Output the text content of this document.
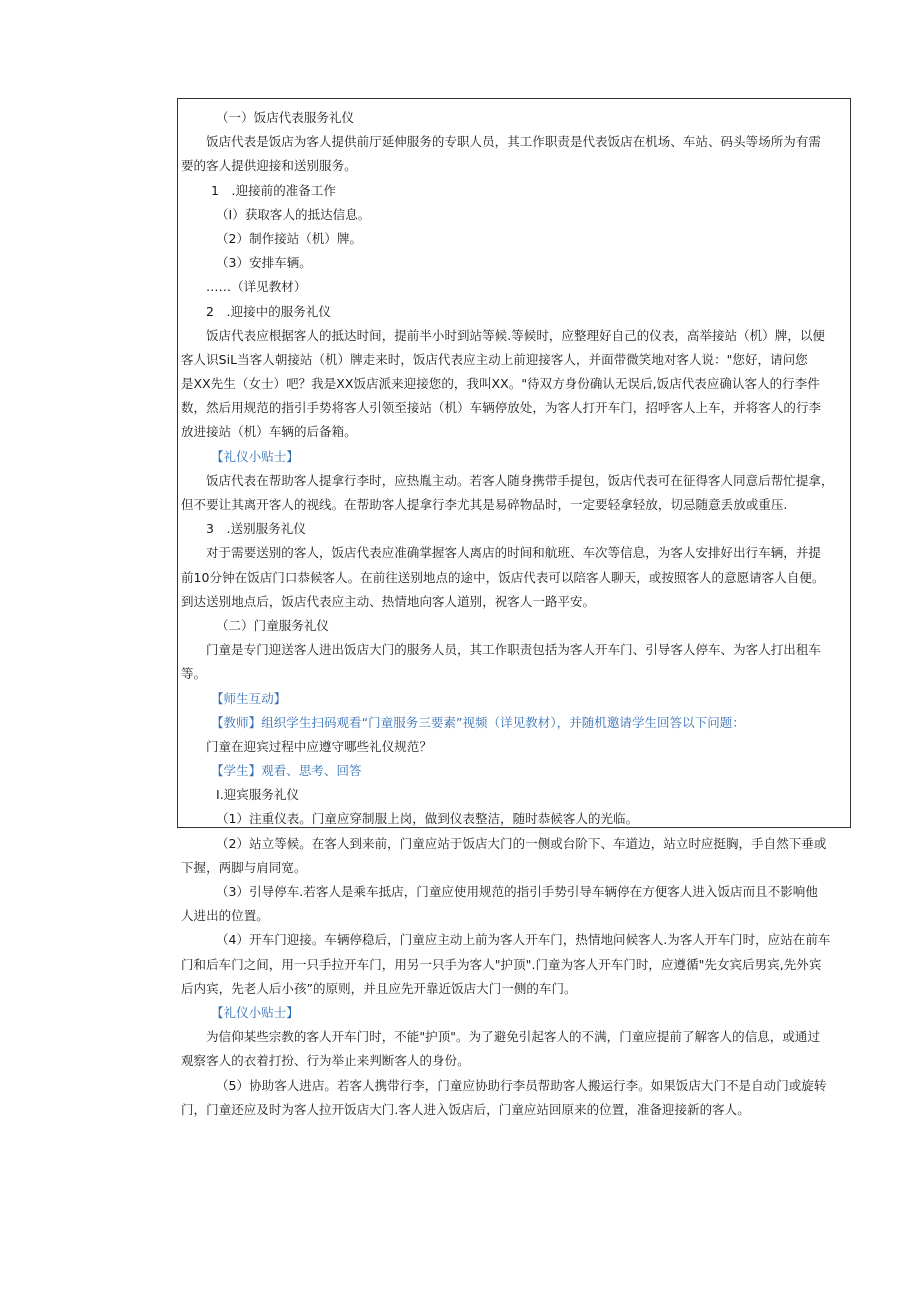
（一）饭店代表服务礼仪
饭店代表是饭店为客人提供前厅延伸服务的专职人员，其工作职责是代表饭店在机场、车站、码头等场所为有需
要的客人提供迎接和送别服务。
1　.迎接前的准备工作
（I）获取客人的抵达信息。
（2）制作接站（机）牌。
（3）安排车辆。
……（详见教材）
2　.迎接中的服务礼仪
饭店代表应根据客人的抵达时间，提前半小时到站等候.等候时，应整理好自己的仪表，高举接站（机）牌，以便
客人识SiL当客人朝接站（机）牌走来时，饭店代表应主动上前迎接客人，并面带微笑地对客人说："您好，请问您
是XX先生（女士）吧？我是XX饭店派来迎接您的，我叫XX。"待双方身份确认无误后,饭店代表应确认客人的行李件
数，然后用规范的指引手势将客人引领至接站（机）车辆停放处，为客人打开车门，招呼客人上车，并将客人的行李
放进接站（机）车辆的后备箱。
【礼仪小贴士】
饭店代表在帮助客人提拿行李时，应热胤主动。若客人随身携带手提包，饭店代表可在征得客人同意后帮忙提拿，
但不要让其离开客人的视线。在帮助客人提拿行李尤其是易碎物品时，一定要轻拿轻放，切忌随意丢放或重压.
3　.送别服务礼仪
对于需要送别的客人，饭店代表应准确掌握客人离店的时间和航班、车次等信息，为客人安排好出行车辆，并提
前10分钟在饭店门口恭候客人。在前往送别地点的途中，饭店代表可以陪客人聊天，或按照客人的意愿请客人自便。
到达送别地点后，饭店代表应主动、热情地向客人道别，祝客人一路平安。
（二）门童服务礼仪
门童是专门迎送客人进出饭店大门的服务人员，其工作职责包括为客人开车门、引导客人停车、为客人打出租车
等。
【师生互动】
【教师】组织学生扫码观看“门童服务三要素”视频（详见教材），并随机邀请学生回答以下问题：
门童在迎宾过程中应遵守哪些礼仪规范？
【学生】观看、思考、回答
I.迎宾服务礼仪
（1）注重仪表。门童应穿制服上岗，做到仪表整洁，随时恭候客人的光临。
（2）站立等候。在客人到来前，门童应站于饭店大门的一侧或台阶下、车道边，站立时应挺胸，手自然下垂或
下握，两脚与肩同宽。
（3）引导停车.若客人是乘车抵店，门童应使用规范的指引手势引导车辆停在方便客人进入饭店而且不影响他
人进出的位置。
（4）开车门迎接。车辆停稳后，门童应主动上前为客人开车门，热情地问候客人.为客人开车门时，应站在前车
门和后车门之间，用一只手拉开车门，用另一只手为客人"护顶".门童为客人开车门时，应遵循"先女宾后男宾,先外宾
后内宾，先老人后小孩”的原则，并且应先开靠近饭店大门一侧的车门。
【礼仪小贴士】
为信仰某些宗教的客人开车门时，不能"护顶"。为了避免引起客人的不满，门童应提前了解客人的信息，或通过
观察客人的衣着打扮、行为举止来判断客人的身份。
（5）协助客人进店。若客人携带行李，门童应协助行李员帮助客人搬运行李。如果饭店大门不是自动门或旋转
门，门童还应及时为客人拉开饭店大门.客人进入饭店后，门童应站回原来的位置，准备迎接新的客人。
